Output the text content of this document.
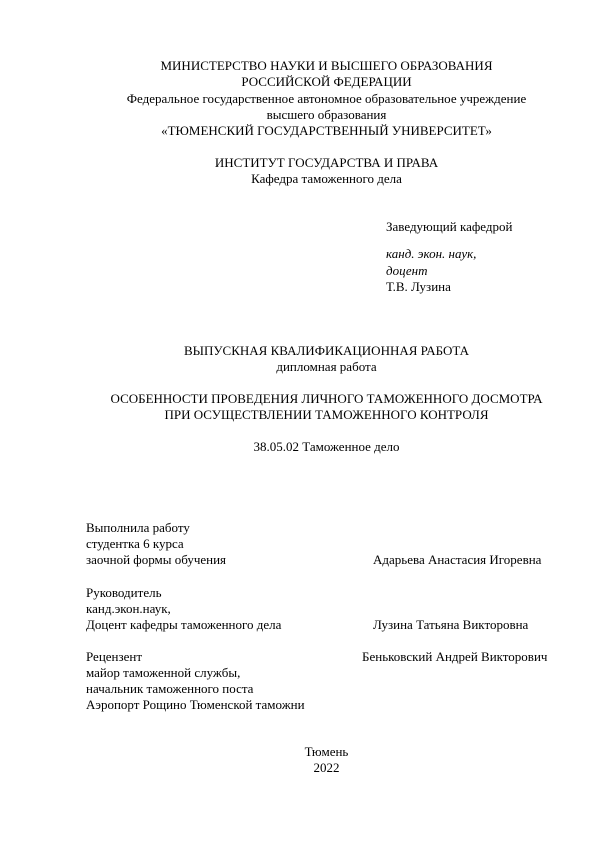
МИНИСТЕРСТВО НАУКИ И ВЫСШЕГО ОБРАЗОВАНИЯ
РОССИЙСКОЙ ФЕДЕРАЦИИ
Федеральное государственное автономное образовательное учреждение
высшего образования
«ТЮМЕНСКИЙ ГОСУДАРСТВЕННЫЙ УНИВЕРСИТЕТ»
ИНСТИТУТ ГОСУДАРСТВА И ПРАВА
Кафедра таможенного дела
Заведующий кафедрой
канд. экон. наук,
доцент
Т.В. Лузина
ВЫПУСКНАЯ КВАЛИФИКАЦИОННАЯ РАБОТА
дипломная работа
ОСОБЕННОСТИ ПРОВЕДЕНИЯ ЛИЧНОГО ТАМОЖЕННОГО ДОСМОТРА
ПРИ ОСУЩЕСТВЛЕНИИ ТАМОЖЕННОГО КОНТРОЛЯ
38.05.02 Таможенное дело
Выполнила работу
студентка 6 курса
заочной формы обучения	Адарьева Анастасия Игоревна
Руководитель
канд.экон.наук,
Доцент кафедры таможенного дела	Лузина Татьяна Викторовна
Рецензент	Беньковский Андрей Викторович
майор таможенной службы,
начальник таможенного поста
Аэропорт Рощино Тюменской таможни
Тюмень
2022
